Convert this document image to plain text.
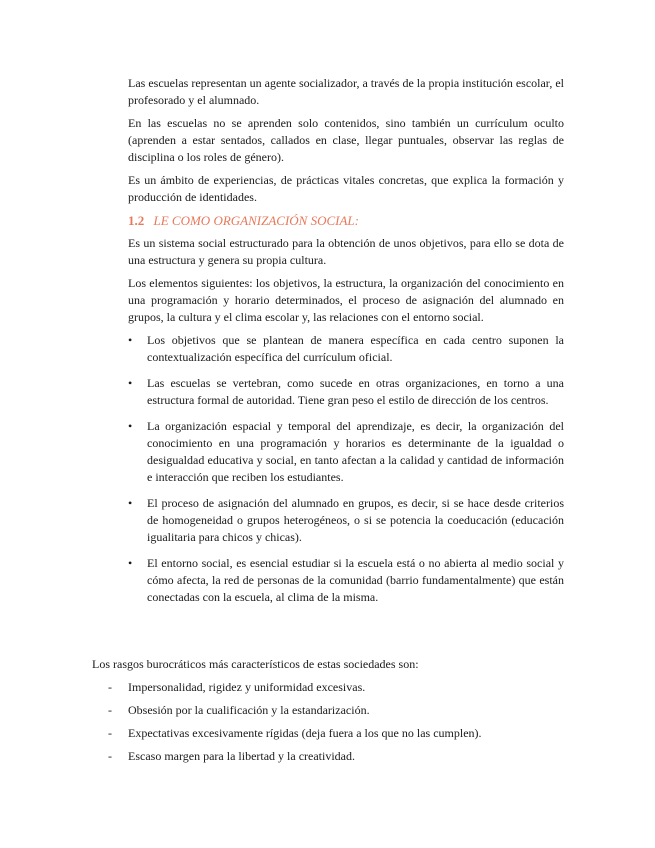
Las escuelas representan un agente socializador, a través de la propia institución escolar, el profesorado y el alumnado.

En las escuelas no se aprenden solo contenidos, sino también un currículum oculto (aprenden a estar sentados, callados en clase, llegar puntuales, observar las reglas de disciplina o los roles de género).

Es un ámbito de experiencias, de prácticas vitales concretas, que explica la formación y producción de identidades.

1.2 LE COMO ORGANIZACIÓN SOCIAL:

Es un sistema social estructurado para la obtención de unos objetivos, para ello se dota de una estructura y genera su propia cultura.

Los elementos siguientes: los objetivos, la estructura, la organización del conocimiento en una programación y horario determinados, el proceso de asignación del alumnado en grupos, la cultura y el clima escolar y, las relaciones con el entorno social.

• Los objetivos que se plantean de manera específica en cada centro suponen la contextualización específica del currículum oficial.
• Las escuelas se vertebran, como sucede en otras organizaciones, en torno a una estructura formal de autoridad. Tiene gran peso el estilo de dirección de los centros.
• La organización espacial y temporal del aprendizaje, es decir, la organización del conocimiento en una programación y horarios es determinante de la igualdad o desigualdad educativa y social, en tanto afectan a la calidad y cantidad de información e interacción que reciben los estudiantes.
• El proceso de asignación del alumnado en grupos, es decir, si se hace desde criterios de homogeneidad o grupos heterogéneos, o si se potencia la coeducación (educación igualitaria para chicos y chicas).
• El entorno social, es esencial estudiar si la escuela está o no abierta al medio social y cómo afecta, la red de personas de la comunidad (barrio fundamentalmente) que están conectadas con la escuela, al clima de la misma.

Los rasgos burocráticos más característicos de estas sociedades son:

- Impersonalidad, rigidez y uniformidad excesivas.
- Obsesión por la cualificación y la estandarización.
- Expectativas excesivamente rígidas (deja fuera a los que no las cumplen).
- Escaso margen para la libertad y la creatividad.
